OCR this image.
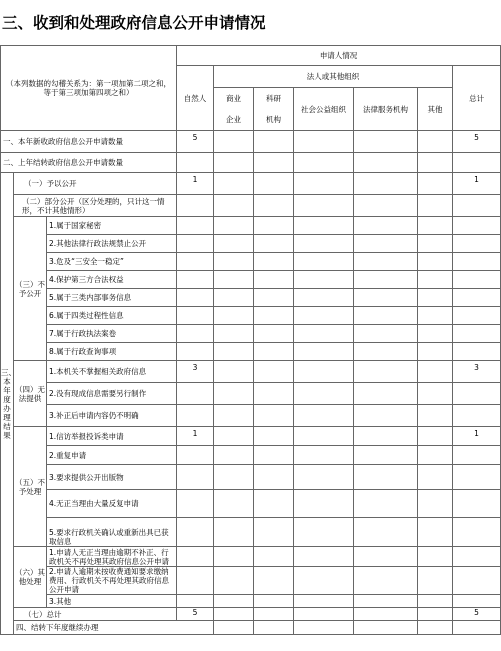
三、收到和处理政府信息公开申请情况
（本列数据的勾稽关系为：第一项加第二项之和，等于第三项加第四项之和）			申请人情况							
			自然人	法人或其他组织					总计	
				商业	科研	社会公益组织	法律服务机构	其他		
				企业	机构					
一、本年新收政府信息公开申请数量			5						5	
二、上年结转政府信息公开申请数量										
三、本年度办理结果	（一）予以公开		1						1	
	（二）部分公开（区分处理的，只计这一情形，不计其他情形）									
	（三）不予公开	1.属于国家秘密								
		2.其他法律行政法规禁止公开								
		3.危及“三安全一稳定”								
		4.保护第三方合法权益								
		5.属于三类内部事务信息								
		6.属于四类过程性信息								
		7.属于行政执法案卷								
		8.属于行政查询事项								
	（四）无法提供	1.本机关不掌握相关政府信息	3						3	
		2.没有现成信息需要另行制作								
		3.补正后申请内容仍不明确								
	（五）不予处理	1.信访举报投诉类申请	1						1	
		2.重复申请								
		3.要求提供公开出版物								
		4.无正当理由大量反复申请								
		5.要求行政机关确认或重新出具已获取信息								
	（六）其他处理	1.申请人无正当理由逾期不补正、行政机关不再处理其政府信息公开申请								
		2.申请人逾期未按收费通知要求缴纳费用、行政机关不再处理其政府信息公开申请								
		3.其他								
	（七）总计		5						5	
	四、结转下年度继续办理									
